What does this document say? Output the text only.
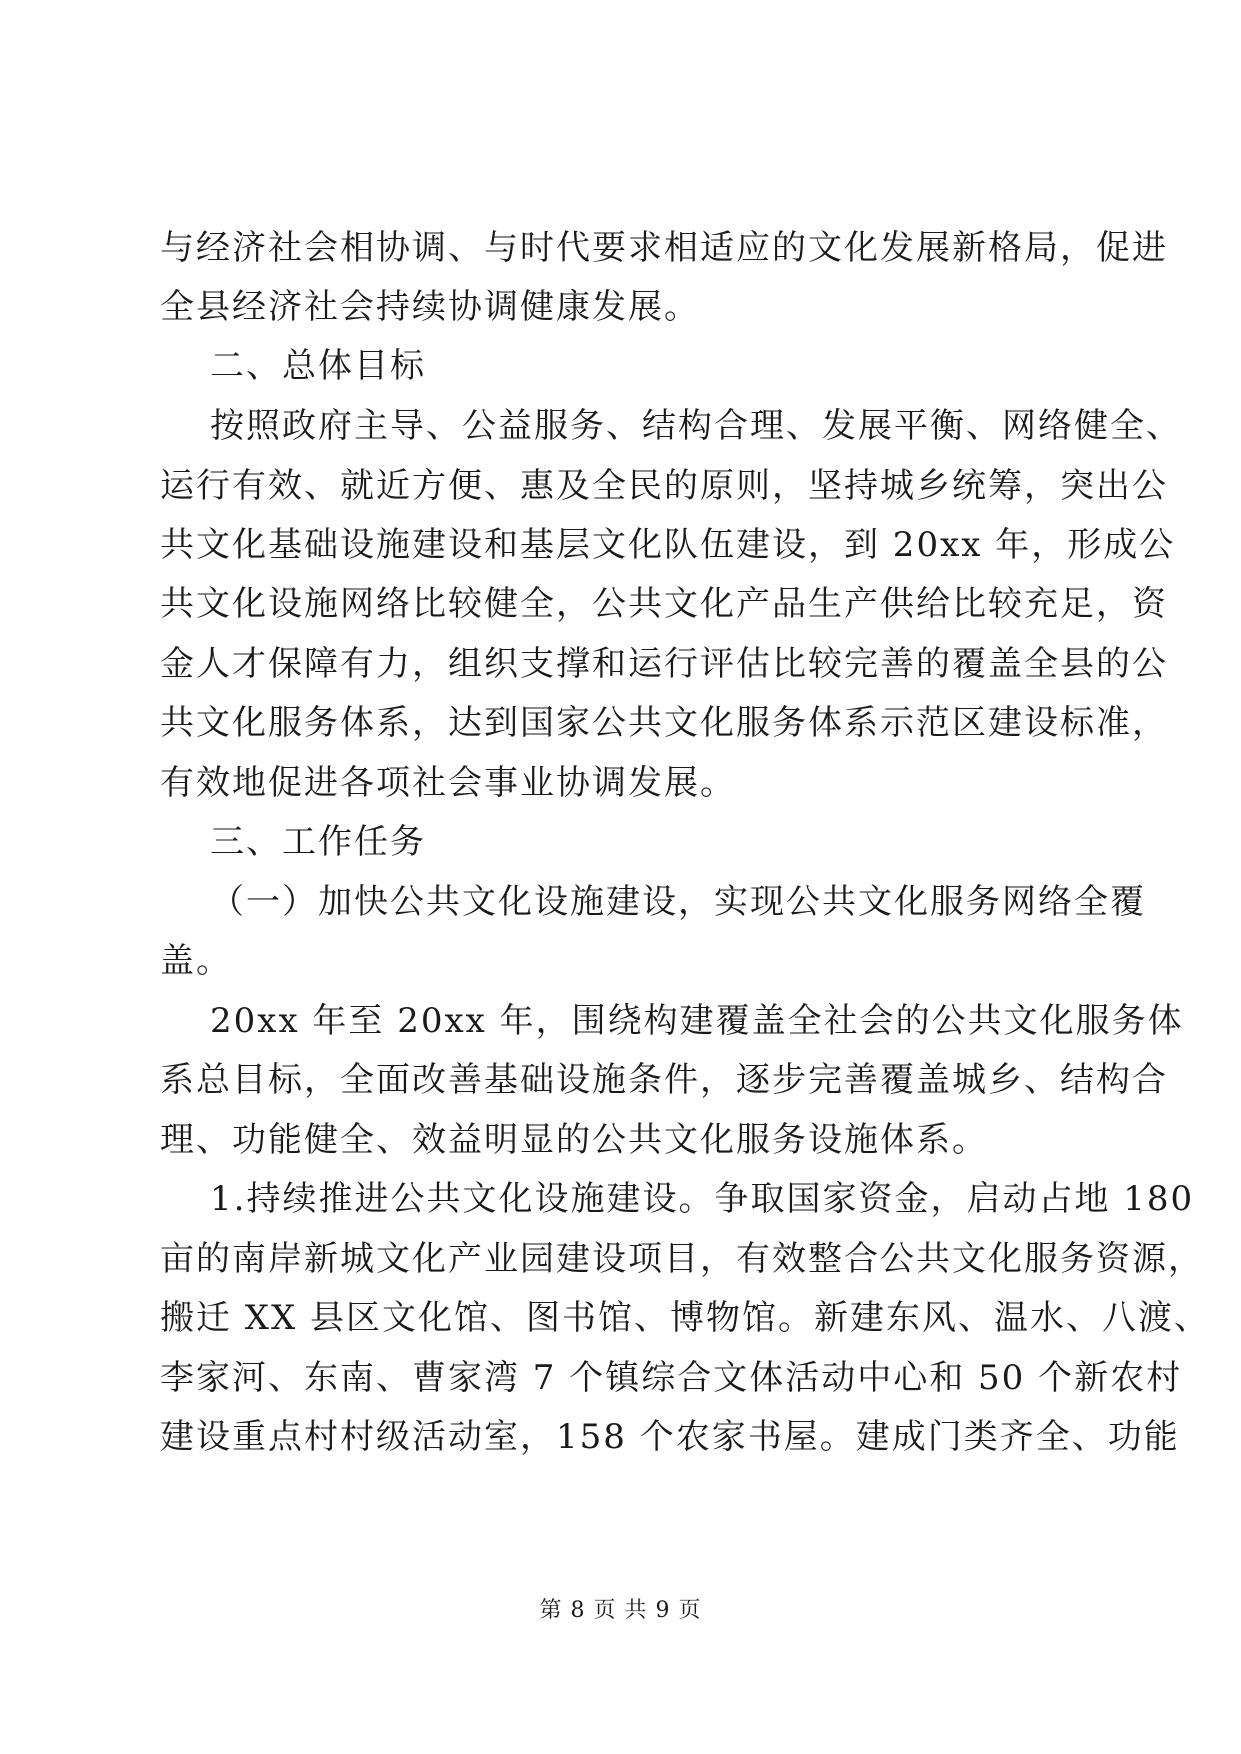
与经济社会相协调、与时代要求相适应的文化发展新格局，促进
全县经济社会持续协调健康发展。
二、总体目标
按照政府主导、公益服务、结构合理、发展平衡、网络健全、
运行有效、就近方便、惠及全民的原则，坚持城乡统筹，突出公
共文化基础设施建设和基层文化队伍建设，到 20xx 年，形成公
共文化设施网络比较健全，公共文化产品生产供给比较充足，资
金人才保障有力，组织支撑和运行评估比较完善的覆盖全县的公
共文化服务体系，达到国家公共文化服务体系示范区建设标准，
有效地促进各项社会事业协调发展。
三、工作任务
（一）加快公共文化设施建设，实现公共文化服务网络全覆
盖。
20xx 年至 20xx 年，围绕构建覆盖全社会的公共文化服务体
系总目标，全面改善基础设施条件，逐步完善覆盖城乡、结构合
理、功能健全、效益明显的公共文化服务设施体系。
1.持续推进公共文化设施建设。争取国家资金，启动占地 180
亩的南岸新城文化产业园建设项目，有效整合公共文化服务资源，
搬迁 XX 县区文化馆、图书馆、博物馆。新建东风、温水、八渡、
李家河、东南、曹家湾 7 个镇综合文体活动中心和 50 个新农村
建设重点村村级活动室，158 个农家书屋。建成门类齐全、功能
第 8 页 共 9 页
